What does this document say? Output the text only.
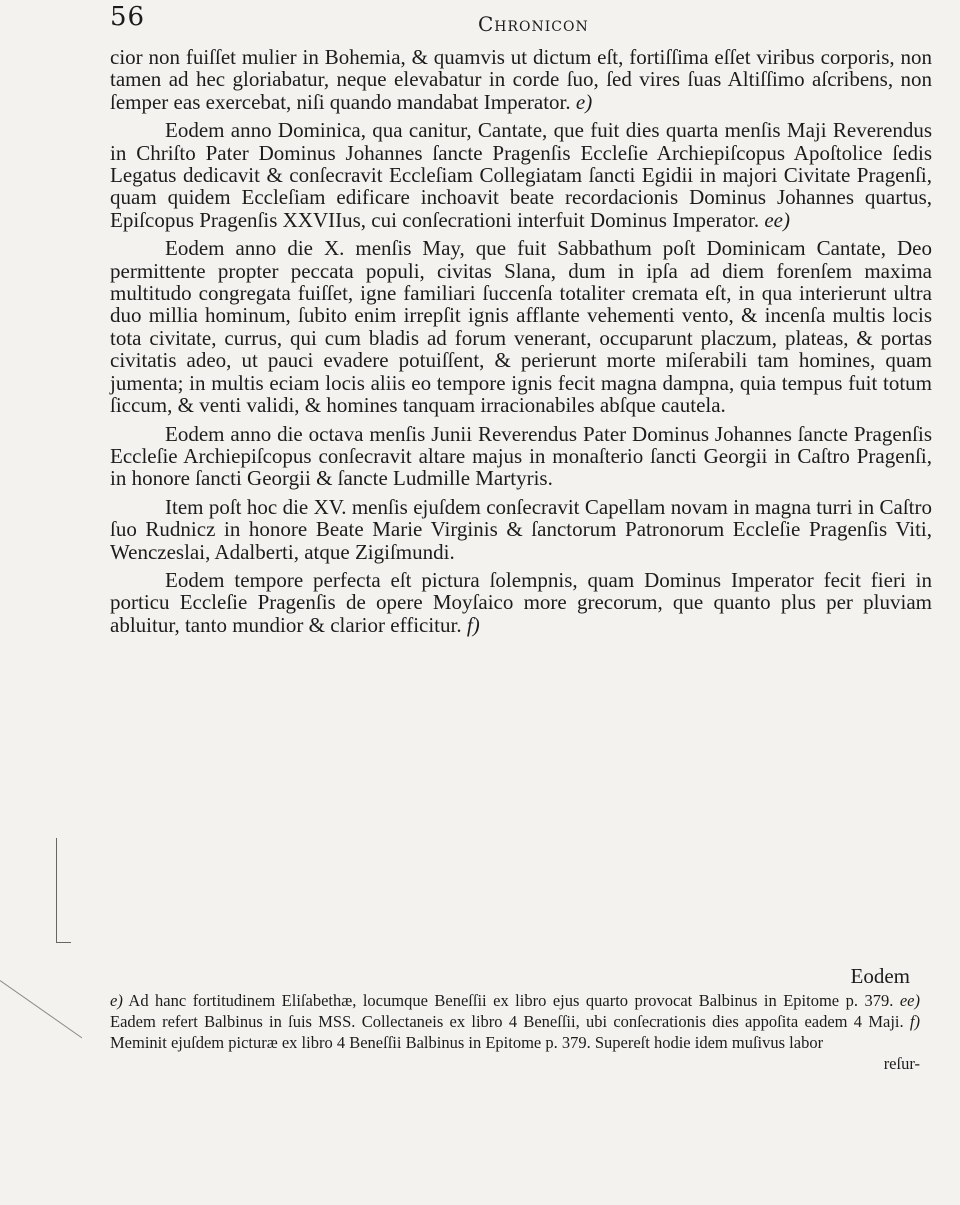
56	Chronicon

cior non fuiſſet mulier in Bohemia, & quamvis ut dictum eſt, fortiſſima eſſet viribus corporis, non tamen ad hec gloriabatur, neque elevabatur in corde ſuo, ſed vires ſuas Altiſſimo aſcribens, non ſemper eas exercebat, niſi quando mandabat Imperator. e)

Eodem anno Dominica, qua canitur, Cantate, que fuit dies quarta menſis Maji Reverendus in Chriſto Pater Dominus Johannes ſancte Pragenſis Eccleſie Archiepiſcopus Apoſtolice ſedis Legatus dedicavit & conſecravit Eccleſiam Collegiatam ſancti Egidii in majori Civitate Pragenſi, quam quidem Eccleſiam edificare inchoavit beate recordacionis Dominus Johannes quartus, Epiſcopus Pragenſis XXVIIus, cui conſecrationi interfuit Dominus Imperator. ee)

Eodem anno die X. menſis May, que fuit Sabbathum poſt Dominicam Cantate, Deo permittente propter peccata populi, civitas Slana, dum in ipſa ad diem forenſem maxima multitudo congregata fuiſſet, igne familiari ſuccenſa totaliter cremata eſt, in qua interierunt ultra duo millia hominum, ſubito enim irrepſit ignis afflante vehementi vento, & incenſa multis locis tota civitate, currus, qui cum bladis ad forum venerant, occuparunt placzum, plateas, & portas civitatis adeo, ut pauci evadere potuiſſent, & perierunt morte miſerabili tam homines, quam jumenta; in multis eciam locis aliis eo tempore ignis fecit magna dampna, quia tempus fuit totum ſiccum, & venti validi, & homines tanquam irracionabiles abſque cautela.

Eodem anno die octava menſis Junii Reverendus Pater Dominus Johannes ſancte Pragenſis Eccleſie Archiepiſcopus conſecravit altare majus in monaſterio ſancti Georgii in Caſtro Pragenſi, in honore ſancti Georgii & ſancte Ludmille Martyris.

Item poſt hoc die XV. menſis ejuſdem conſecravit Capellam novam in magna turri in Caſtro ſuo Rudnicz in honore Beate Marie Virginis & ſanctorum Patronorum Eccleſie Pragenſis Viti, Wenczeslai, Adalberti, atque Zigiſmundi.

Eodem tempore perfecta eſt pictura ſolempnis, quam Dominus Imperator fecit fieri in porticu Eccleſie Pragenſis de opere Moyſaico more grecorum, que quanto plus per pluviam abluitur, tanto mundior & clarior efficitur. f)

Eodem
e) Ad hanc fortitudinem Eliſabethæ, locumque Beneſſii ex libro ejus quarto provocat Balbinus in Epitome p. 379. ee) Eadem refert Balbinus in ſuis MSS. Collectaneis ex libro 4 Beneſſii, ubi conſecrationis dies appoſita eadem 4 Maji. f) Meminit ejuſdem picturæ ex libro 4 Beneſſii Balbinus in Epitome p. 379. Supereſt hodie idem muſivus labor
reſur-
